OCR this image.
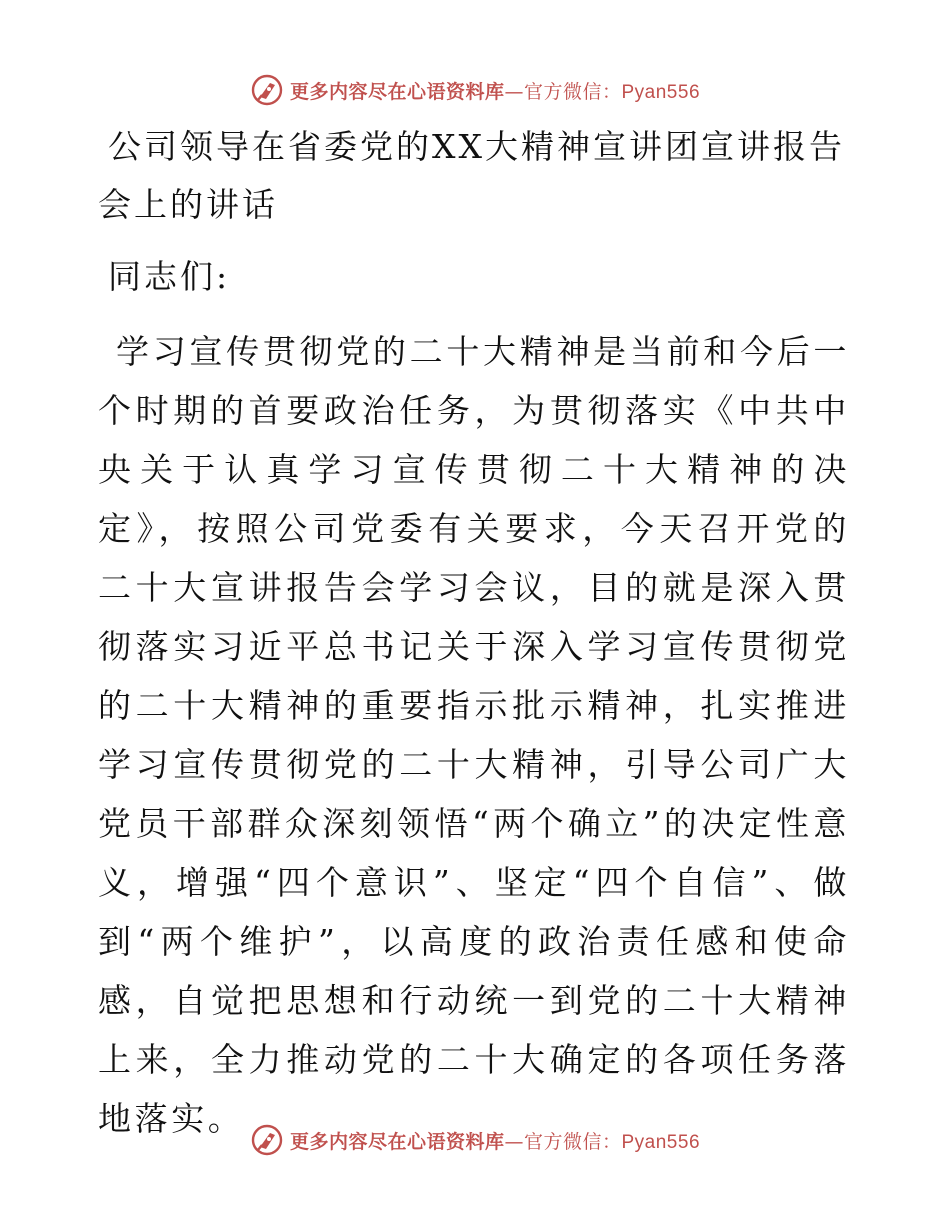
更多内容尽在心语资料库—官方微信：Pyan556
公司领导在省委党的XX大精神宣讲团宣讲报告会上的讲话

同志们:

学习宣传贯彻党的二十大精神是当前和今后一个时期的首要政治任务，为贯彻落实《中共中央关于认真学习宣传贯彻二十大精神的决定》，按照公司党委有关要求，今天召开党的二十大宣讲报告会学习会议，目的就是深入贯彻落实习近平总书记关于深入学习宣传贯彻党的二十大精神的重要指示批示精神，扎实推进学习宣传贯彻党的二十大精神，引导公司广大党员干部群众深刻领悟“两个确立”的决定性意义，增强“四个意识”、坚定“四个自信”、做到“两个维护”，以高度的政治责任感和使命感，自觉把思想和行动统一到党的二十大精神上来，全力推动党的二十大确定的各项任务落地落实。

更多内容尽在心语资料库—官方微信：Pyan556
